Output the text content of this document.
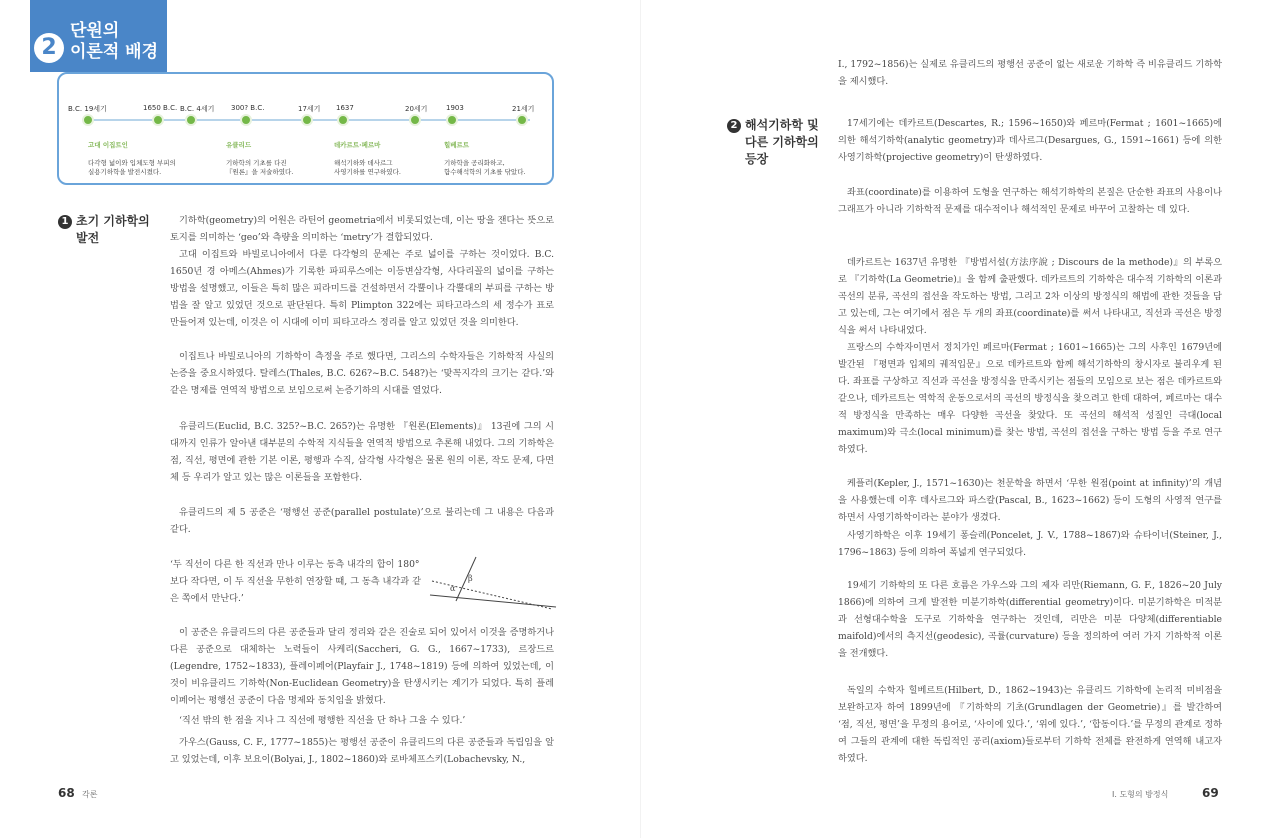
2
단원의
이론적 배경
B.C. 19세기	1650 B.C. B.C. 4세기 300? B.C.	17세기 1637	20세기	1903	21세기

고대 이집트인

다각형 넓이와 입체도형 부피의
실용기하학을 발전시켰다.

유클리드

기하학의 기초를 다진
『원론』을 저술하였다.

데카르트·페르마

해석기하와 데사르그
사영기하를 연구하였다.

힐베르트

기하학을 공리화하고,
함수해석학의 기초를 닦았다.

1 초기 기하학의
발전
기하학(geometry)의 어원은 라틴어 geometria에서 비롯되었는데, 이는 땅을 잰다는 뜻으로 토지를 의미하는 ‘geo’와 측량을 의미하는 ‘metry’가 결합되었다.
고대 이집트와 바빌로니아에서 다룬 다각형의 문제는 주로 넓이를 구하는 것이었다. B.C. 1650년 경 아메스(Ahmes)가 기록한 파피루스에는 이등변삼각형, 사다리꼴의 넓이를 구하는 방법을 설명했고, 이들은 특히 많은 피라미드를 건설하면서 각뿔이나 각뿔대의 부피를 구하는 방법을 잘 알고 있었던 것으로 판단된다. 특히 Plimpton 322에는 피타고라스의 세 정수가 표로 만들어져 있는데, 이것은 이 시대에 이미 피타고라스 정리를 알고 있었던 것을 의미한다.
이집트나 바빌로니아의 기하학이 측정을 주로 했다면, 그리스의 수학자들은 기하학적 사실의 논증을 중요시하였다. 탈레스(Thales, B.C. 626?~B.C. 548?)는 ‘맞꼭지각의 크기는 같다.’와 같은 명제를 연역적 방법으로 보임으로써 논증기하의 시대를 열었다.
유클리드(Euclid, B.C. 325?~B.C. 265?)는 유명한 『원론(Elements)』 13권에 그의 시대까지 인류가 알아낸 대부분의 수학적 지식들을 연역적 방법으로 추론해 내었다. 그의 기하학은 점, 직선, 평면에 관한 기본 이론, 평행과 수직, 삼각형 사각형은 물론 원의 이론, 작도 문제, 다면체 등 우리가 알고 있는 많은 이론들을 포함한다.
유클리드의 제 5 공준은 ‘평행선 공준(parallel postulate)’으로 불리는데 그 내용은 다음과 같다.
‘두 직선이 다른 한 직선과 만나 이루는 동측 내각의 합이 180°보다 작다면, 이 두 직선을 무한히 연장할 때, 그 동측 내각과 같은 쪽에서 만난다.’
α
β
이 공준은 유클리드의 다른 공준들과 달리 정리와 같은 진술로 되어 있어서 이것을 증명하거나 다른 공준으로 대체하는 노력들이 사케리(Saccheri, G. G., 1667~1733), 르장드르(Legendre, 1752~1833), 플레이페어(Playfair J., 1748~1819) 등에 의하여 있었는데, 이것이 비유클리드 기하학(Non-Euclidean Geometry)을 탄생시키는 계기가 되었다. 특히 플레이페어는 평행선 공준이 다음 명제와 동치임을 밝혔다.
‘직선 밖의 한 점을 지나 그 직선에 평행한 직선을 단 하나 그을 수 있다.’
가우스(Gauss, C. F., 1777~1855)는 평행선 공준이 유클리드의 다른 공준들과 독립임을 알고 있었는데, 이후 보요이(Bolyai, J., 1802~1860)와 로바체프스키(Lobachevsky, N.,
68 각론
I., 1792~1856)는 실제로 유클리드의 평행선 공준이 없는 새로운 기하학 즉 비유클리드 기하학을 제시했다.
2 해석기하학 및
다른 기하학의
등장
17세기에는 데카르트(Descartes, R.; 1596~1650)와 페르마(Fermat ; 1601~1665)에 의한 해석기하학(analytic geometry)과 데사르그(Desargues, G., 1591~1661) 등에 의한 사영기하학(projective geometry)이 탄생하였다.
좌표(coordinate)를 이용하여 도형을 연구하는 해석기하학의 본질은 단순한 좌표의 사용이나 그래프가 아니라 기하학적 문제를 대수적이나 해석적인 문제로 바꾸어 고찰하는 데 있다.
데카르트는 1637년 유명한 『방법서설(方法序說 ; Discours de la methode)』의 부록으로 『기하학(La Geometrie)』을 함께 출판했다. 데카르트의 기하학은 대수적 기하학의 이론과 곡선의 분류, 곡선의 접선을 작도하는 방법, 그리고 2차 이상의 방정식의 해법에 관한 것들을 담고 있는데, 그는 여기에서 점은 두 개의 좌표(coordinate)를 써서 나타내고, 직선과 곡선은 방정식을 써서 나타내었다.
프랑스의 수학자이면서 정치가인 페르마(Fermat ; 1601~1665)는 그의 사후인 1679년에 발간된 『평면과 입체의 궤적입문』으로 데카르트와 함께 해석기하학의 창시자로 불리우게 된다. 좌표를 구상하고 직선과 곡선을 방정식을 만족시키는 점들의 모임으로 보는 점은 데카르트와 같으나, 데카르트는 역학적 운동으로서의 곡선의 방정식을 찾으려고 한데 대하여, 페르마는 대수적 방정식을 만족하는 매우 다양한 곡선을 찾았다. 또 곡선의 해석적 성질인 극대(local maximum)와 극소(local minimum)를 찾는 방법, 곡선의 접선을 구하는 방법 등을 주로 연구하였다.
케플러(Kepler, J., 1571~1630)는 천문학을 하면서 ‘무한 원점(point at infinity)’의 개념을 사용했는데 이후 데사르그와 파스칼(Pascal, B., 1623~1662) 등이 도형의 사영적 연구를 하면서 사영기하학이라는 분야가 생겼다.
사영기하학은 이후 19세기 퐁슬레(Poncelet, J. V., 1788~1867)와 슈타이너(Steiner, J., 1796~1863) 등에 의하여 폭넓게 연구되었다.
19세기 기하학의 또 다른 흐름은 가우스와 그의 제자 리만(Riemann, G. F., 1826~20 July 1866)에 의하여 크게 발전한 미분기하학(differential geometry)이다. 미분기하학은 미적분과 선형대수학을 도구로 기하학을 연구하는 것인데, 리만은 미분 다양체(differentiable maifold)에서의 측지선(geodesic), 곡률(curvature) 등을 정의하여 여러 가지 기하학적 이론을 전개했다.
독일의 수학자 힐베르트(Hilbert, D., 1862~1943)는 유클리드 기하학에 논리적 미비점을 보완하고자 하여 1899년에 『기하학의 기초(Grundlagen der Geometrie)』를 발간하여 ‘점, 직선, 평면’을 무정의 용어로, ‘사이에 있다.’, ‘위에 있다.’, ‘합동이다.’를 무정의 관계로 정하여 그들의 관계에 대한 독립적인 공리(axiom)들로부터 기하학 전체를 완전하게 연역해 내고자 하였다.
I. 도형의 방정식	69
